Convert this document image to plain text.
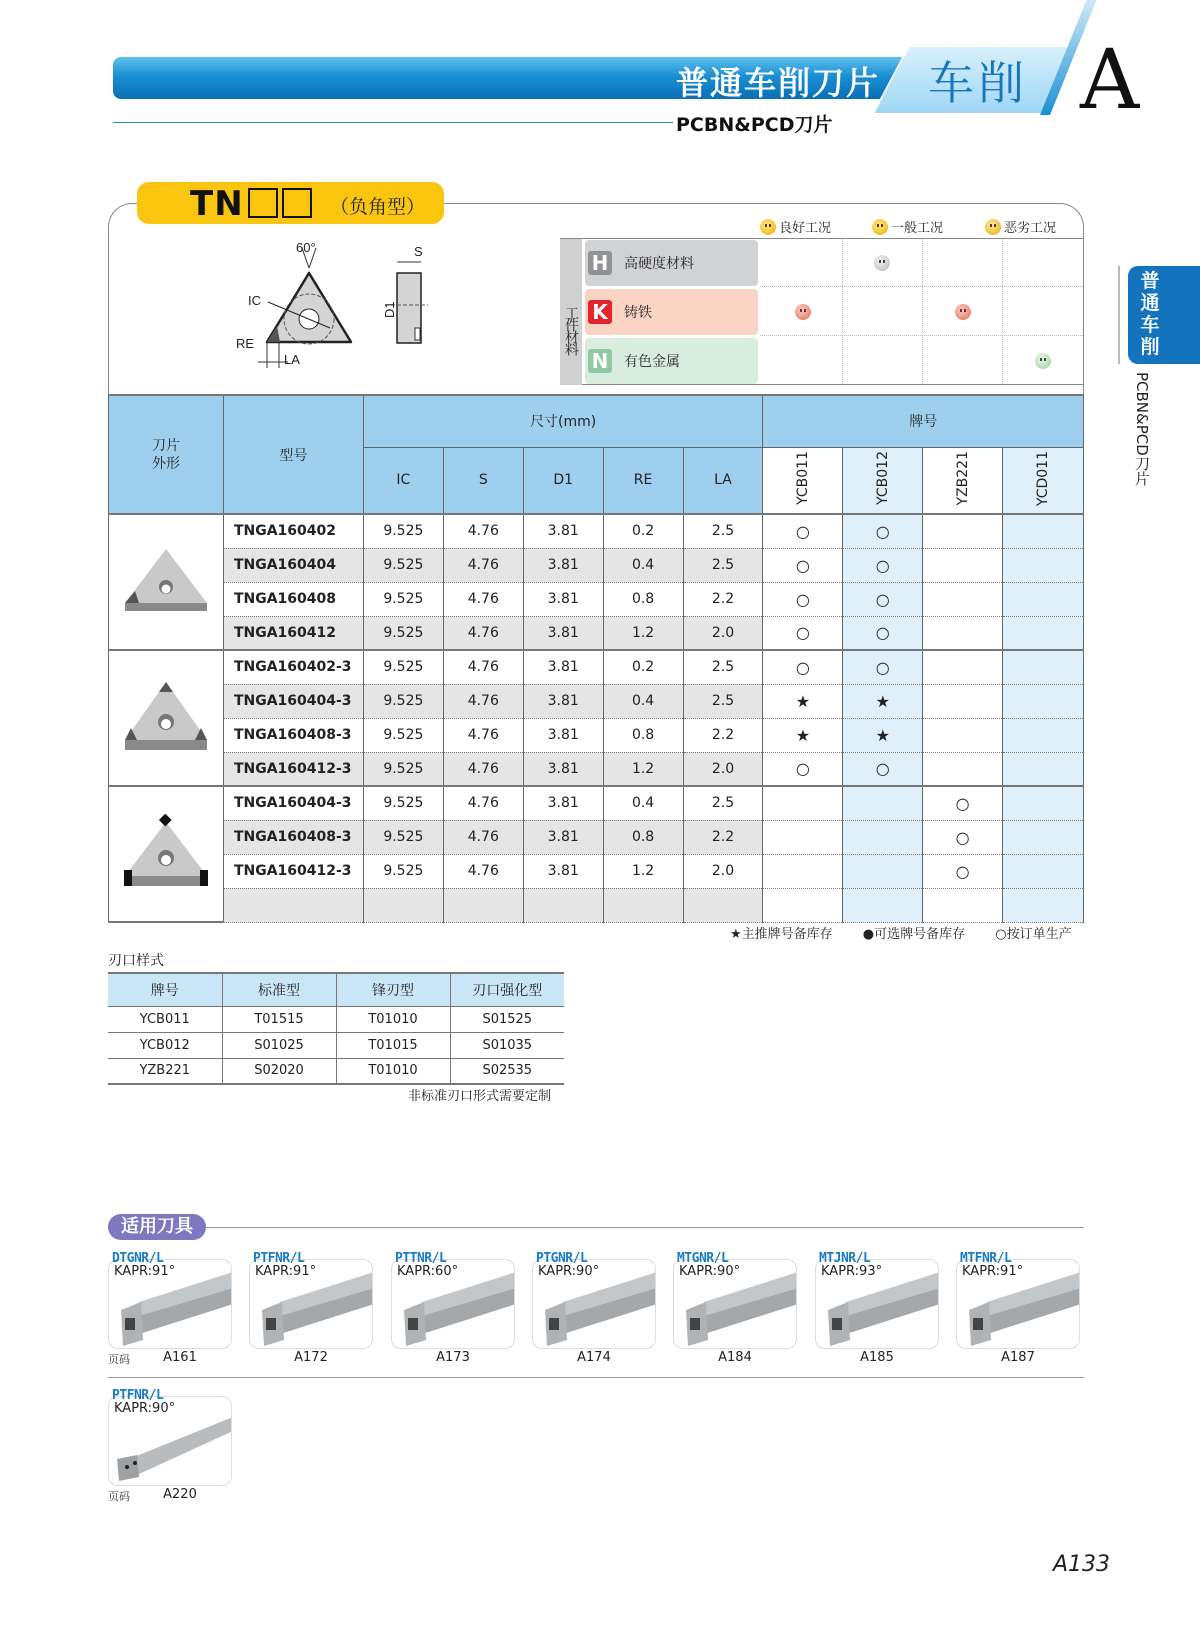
普通车削刀片 车削 A
PCBN&PCD刀片
普通车削
PCBN&PCD刀片
TN	（负角型）
60°
IC
RE
LA
S
D1
良好工况	一般工况	恶劣工况
工件材料
H 高硬度材料
K	铸铁
N 有色金属
刀片外形	型号	尺寸(mm)					牌号			
		IC	S	D1	RE	LA	YCB011	YCB012	YZB221	YCD011
	TNGA160402	9.525	4.76	3.81	0.2	2.5	○	○		
	TNGA160404	9.525	4.76	3.81	0.4	2.5	○	○		
	TNGA160408	9.525	4.76	3.81	0.8	2.2	○	○		
	TNGA160412	9.525	4.76	3.81	1.2	2.0	○	○		
	TNGA160402-3	9.525	4.76	3.81	0.2	2.5	○	○		
	TNGA160404-3	9.525	4.76	3.81	0.4	2.5	★	★		
	TNGA160408-3	9.525	4.76	3.81	0.8	2.2	★	★		
	TNGA160412-3	9.525	4.76	3.81	1.2	2.0	○	○		
	TNGA160404-3	9.525	4.76	3.81	0.4	2.5			○	
	TNGA160408-3	9.525	4.76	3.81	0.8	2.2			○	
	TNGA160412-3	9.525	4.76	3.81	1.2	2.0			○	

★主推牌号备库存 ●可选牌号备库存 ○按订单生产
刃口样式
牌号	标准型	锋刃型	刃口强化型
YCB011	T01515	T01010	S01525
YCB012	S01025	T01015	S01035
YZB221	S02020	T01010	S02535
非标准刃口形式需要定制
适用刀具
DTGNR/L
KAPR:91°
A161
页码
PTFNR/L
KAPR:91°
A172
PTTNR/L
KAPR:60°
A173
PTGNR/L
KAPR:90°
A174
MTGNR/L
KAPR:90°
A184
MTJNR/L
KAPR:93°
A185
MTFNR/L
KAPR:91°
A187
PTFNR/L
KAPR:90°
A220
页码
A133
